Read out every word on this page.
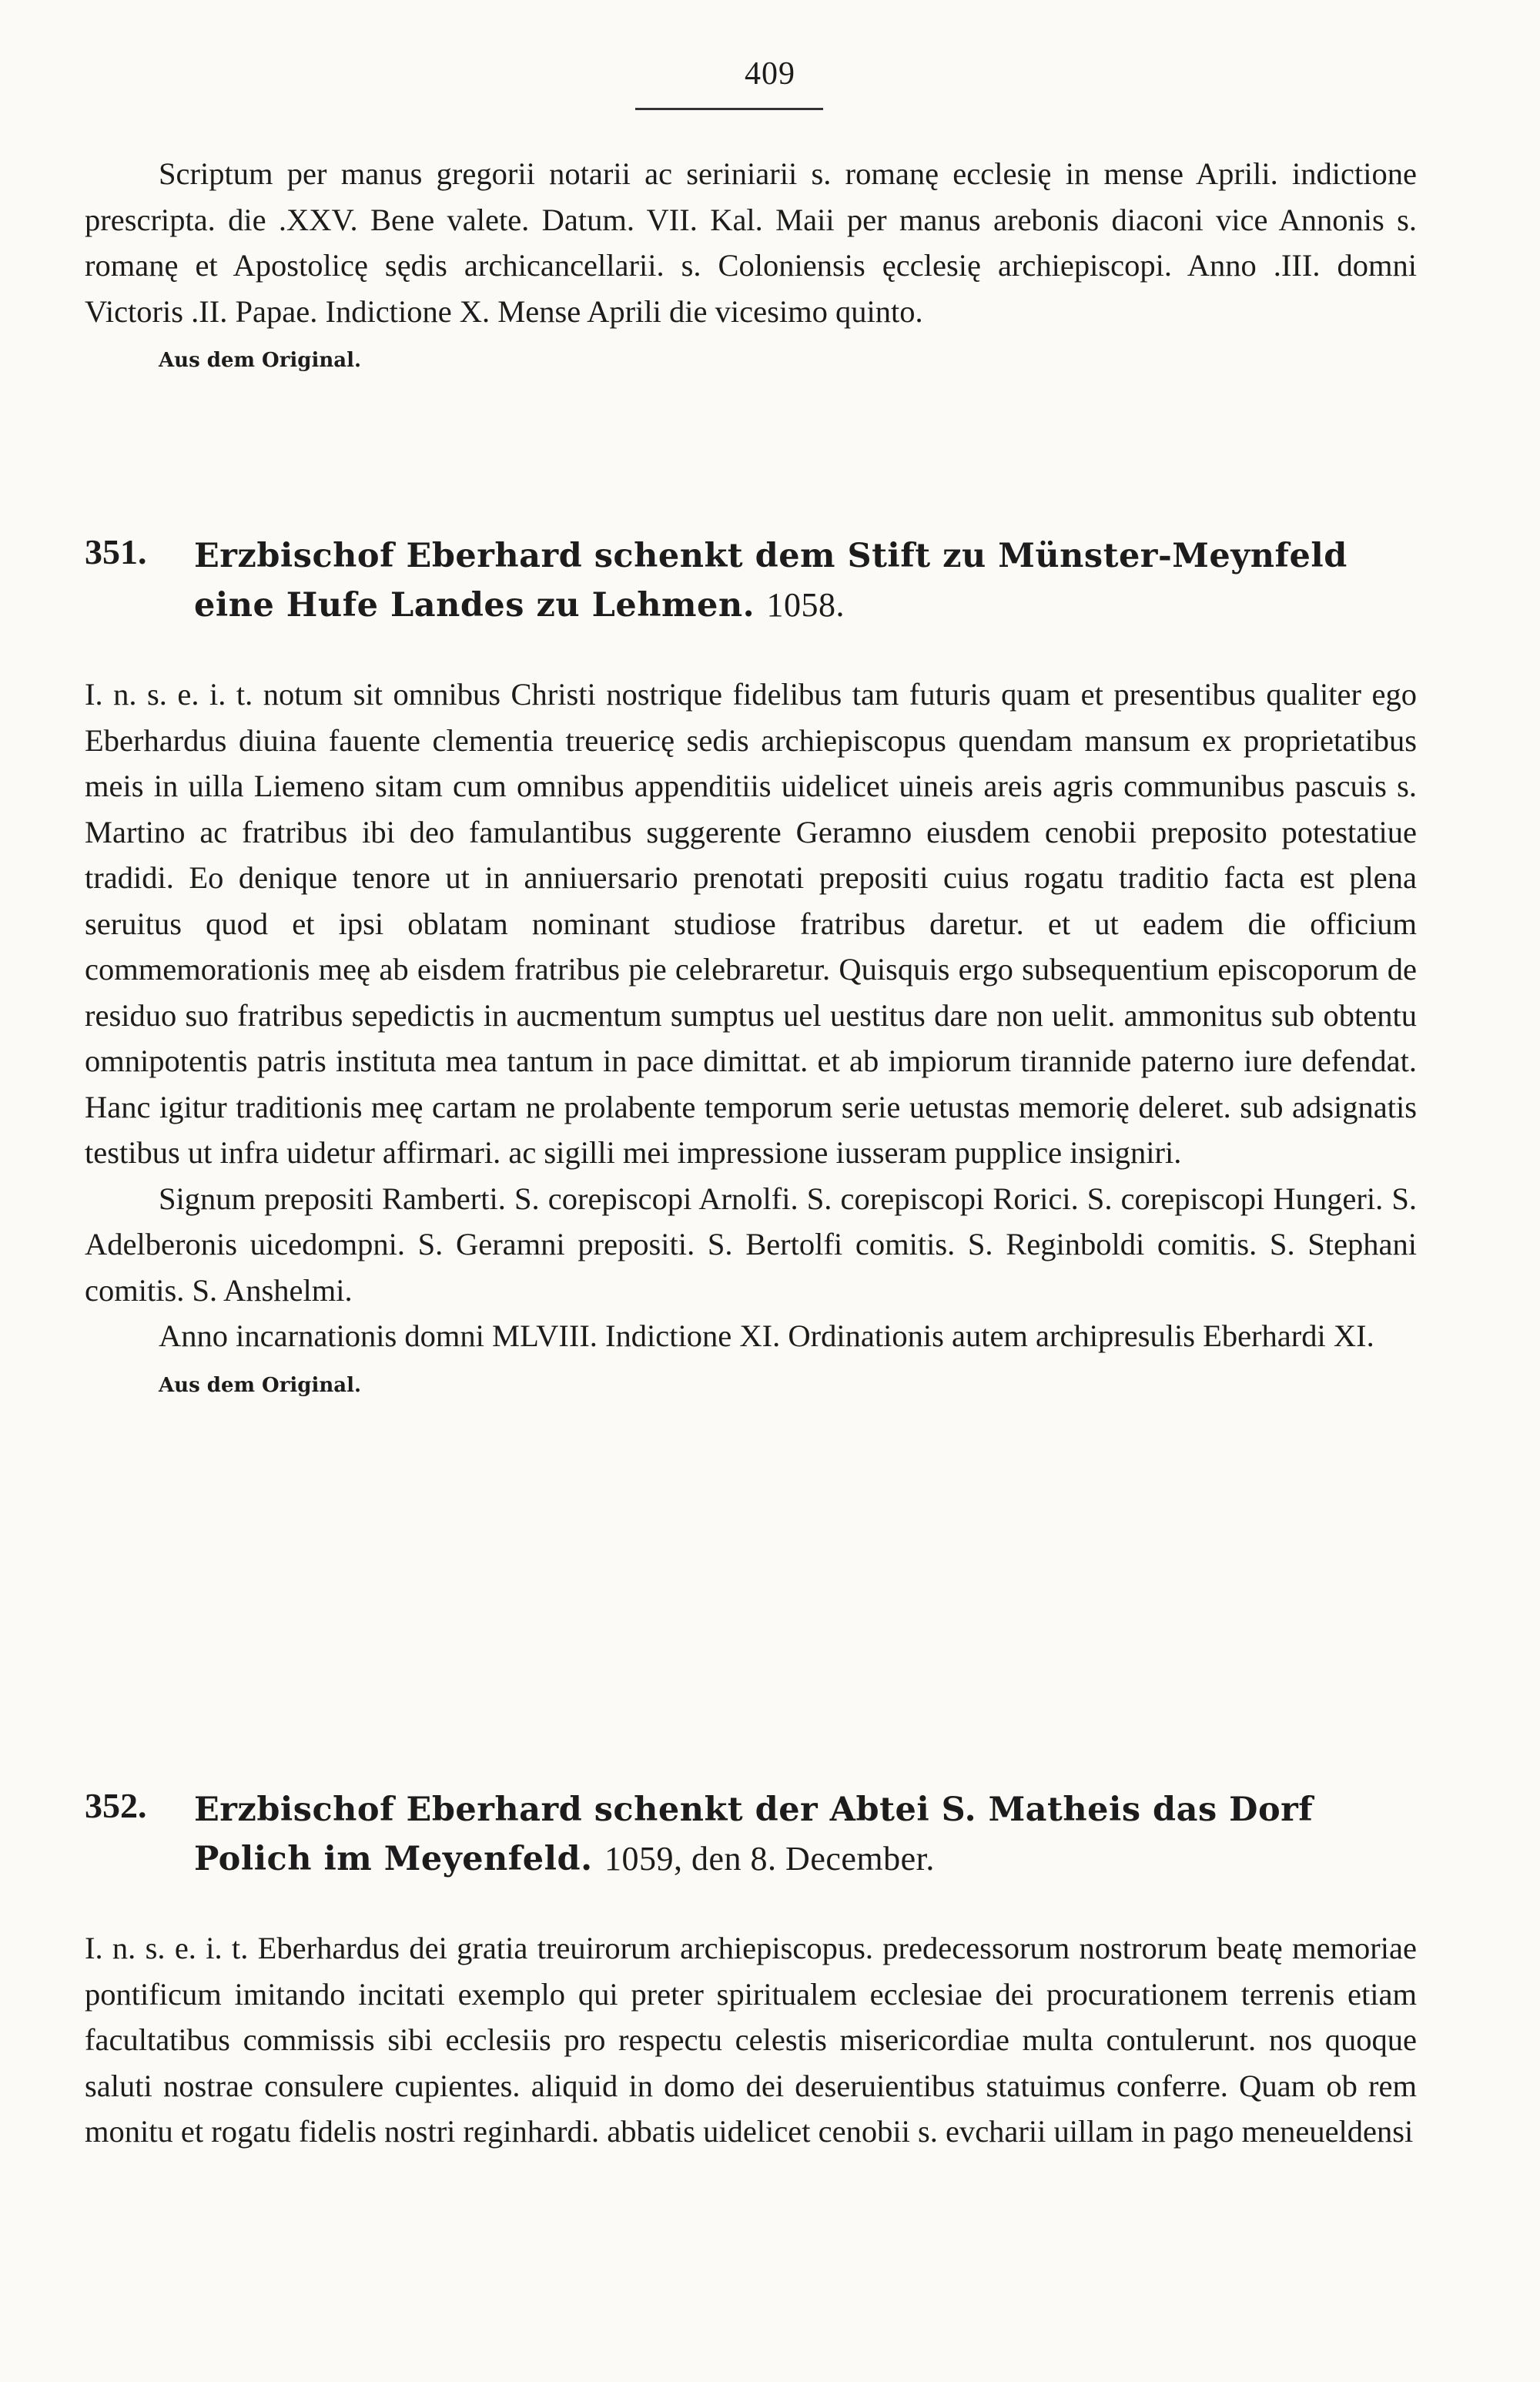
409

Scriptum per manus gregorii notarii ac seriniarii s. romanę ecclesię in mense Aprili. indictione prescripta. die .XXV. Bene valete. Datum. VII. Kal. Maii per manus arebonis diaconi vice Annonis s. romanę et Apostolicę sędis archicancellarii. s. Coloniensis ęcclesię archiepiscopi. Anno .III. domni Victoris .II. Papae. Indictione X. Mense Aprili die vicesimo quinto.

Aus dem Original.

351.	Erzbischof Eberhard schenkt dem Stift zu Münster-Meynfeld eine Hufe Landes zu Lehmen. 1058.

I. n. s. e. i. t. notum sit omnibus Christi nostrique fidelibus tam futuris quam et presentibus qualiter ego Eberhardus diuina fauente clementia treuericę sedis archiepiscopus quendam mansum ex proprietatibus meis in uilla Liemeno sitam cum omnibus appenditiis uidelicet uineis areis agris communibus pascuis s. Martino ac fratribus ibi deo famulantibus suggerente Geramno eiusdem cenobii preposito potestatiue tradidi. Eo denique tenore ut in anniuersario prenotati prepositi cuius rogatu traditio facta est plena seruitus quod et ipsi oblatam nominant studiose fratribus daretur. et ut eadem die officium commemorationis meę ab eisdem fratribus pie celebraretur. Quisquis ergo subsequentium episcoporum de residuo suo fratribus sepedictis in aucmentum sumptus uel uestitus dare non uelit. ammonitus sub obtentu omnipotentis patris instituta mea tantum in pace dimittat. et ab impiorum tirannide paterno iure defendat. Hanc igitur traditionis meę cartam ne prolabente temporum serie uetustas memorię deleret. sub adsignatis testibus ut infra uidetur affirmari. ac sigilli mei impressione iusseram pupplice insigniri.

Signum prepositi Ramberti. S. corepiscopi Arnolfi. S. corepiscopi Rorici. S. corepiscopi Hungeri. S. Adelberonis uicedompni. S. Geramni prepositi. S. Bertolfi comitis. S. Reginboldi comitis. S. Stephani comitis. S. Anshelmi.

Anno incarnationis domni MLVIII. Indictione XI. Ordinationis autem archipresulis Eberhardi XI.

Aus dem Original.

352.	Erzbischof Eberhard schenkt der Abtei S. Matheis das Dorf Polich im Meyenfeld. 1059, den 8. December.

I. n. s. e. i. t. Eberhardus dei gratia treuirorum archiepiscopus. predecessorum nostrorum beatę memoriae pontificum imitando incitati exemplo qui preter spiritualem ecclesiae dei procurationem terrenis etiam facultatibus commissis sibi ecclesiis pro respectu celestis misericordiae multa contulerunt. nos quoque saluti nostrae consulere cupientes. aliquid in domo dei deseruientibus statuimus conferre. Quam ob rem monitu et rogatu fidelis nostri reginhardi. abbatis uidelicet cenobii s. evcharii uillam in pago meneueldensi
